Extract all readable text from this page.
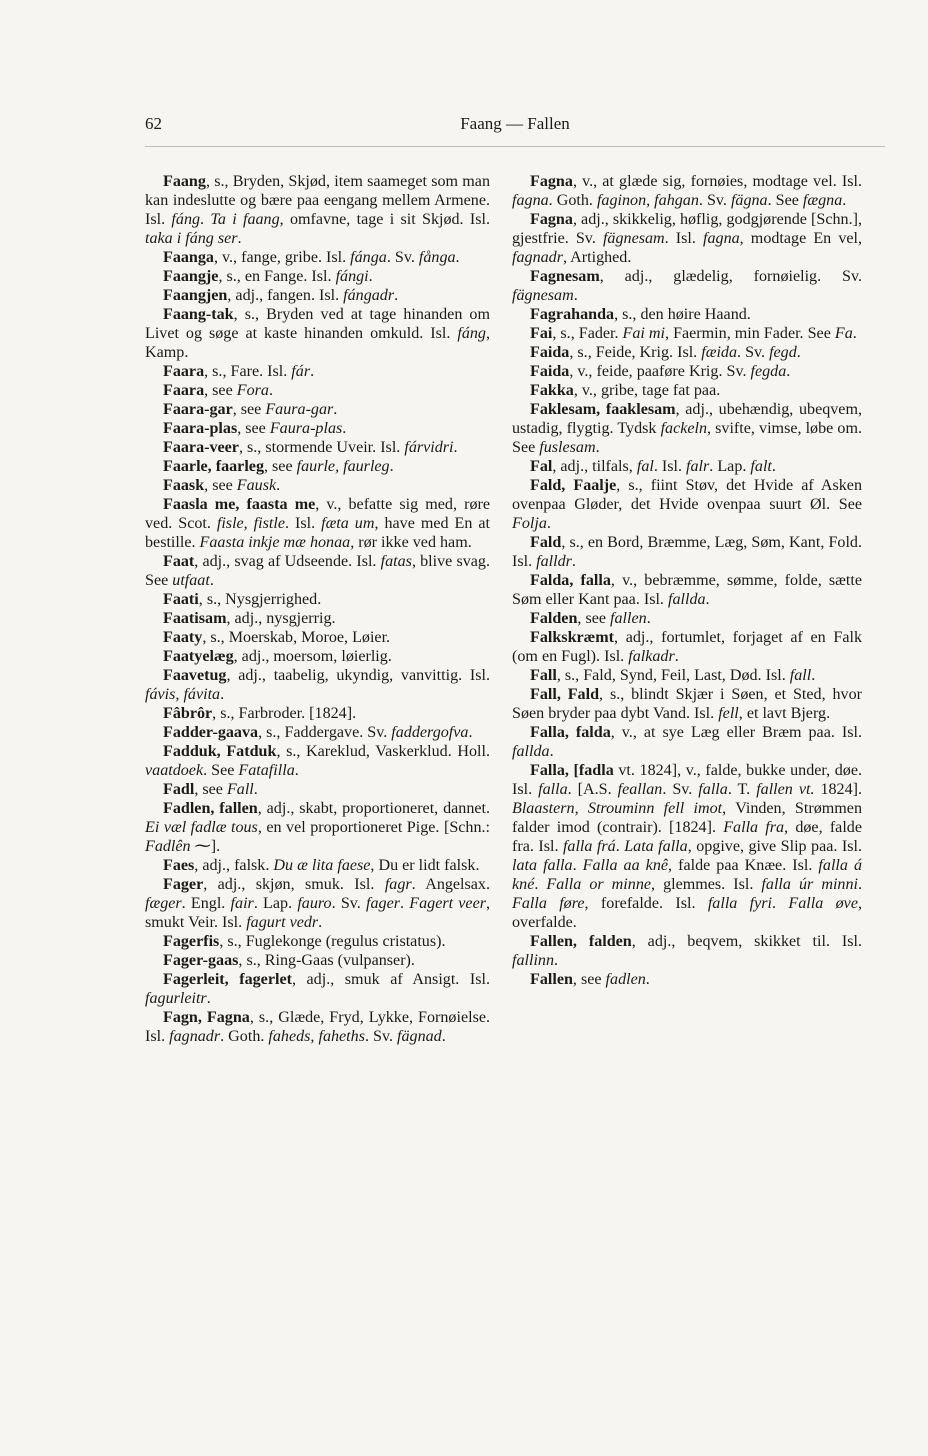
62	Faang — Fallen

Faang, s., Bryden, Skjød, item saameget som man kan indeslutte og bære paa eengang mellem Armene. Isl. fáng. Ta i faang, omfavne, tage i sit Skjød. Isl. taka i fáng ser.

Faanga, v., fange, gribe. Isl. fánga. Sv. fånga.

Faangje, s., en Fange. Isl. fángi.

Faangjen, adj., fangen. Isl. fángadr.

Faang-tak, s., Bryden ved at tage hinanden om Livet og søge at kaste hinanden omkuld. Isl. fáng, Kamp.

Faara, s., Fare. Isl. fár.

Faara, see Fora.

Faara-gar, see Faura-gar.

Faara-plas, see Faura-plas.

Faara-veer, s., stormende Uveir. Isl. fárvidri.

Faarle, faarleg, see faurle, faurleg.

Faask, see Fausk.

Faasla me, faasta me, v., befatte sig med, røre ved. Scot. fisle, fistle. Isl. fæta um, have med En at bestille. Faasta inkje mæ honaa, rør ikke ved ham.

Faat, adj., svag af Udseende. Isl. fatas, blive svag. See utfaat.

Faati, s., Nysgjerrighed.

Faatisam, adj., nysgjerrig.

Faaty, s., Moerskab, Moroe, Løier.

Faatyelæg, adj., moersom, løierlig.

Faavetug, adj., taabelig, ukyndig, vanvittig. Isl. fávis, fávita.

Fâbrôr, s., Farbroder. [1824].

Fadder-gaava, s., Faddergave. Sv. faddergofva.

Fadduk, Fatduk, s., Kareklud, Vaskerklud. Holl. vaatdoek. See Fatafilla.

Fadl, see Fall.

Fadlen, fallen, adj., skabt, proportioneret, dannet. Ei væl fadlæ tous, en vel proportioneret Pige. [Schn.: Fadlên ⁓].

Faes, adj., falsk. Du æ lita faese, Du er lidt falsk.

Fager, adj., skjøn, smuk. Isl. fagr. Angelsax. fæger. Engl. fair. Lap. fauro. Sv. fager. Fagert veer, smukt Veir. Isl. fagurt vedr.

Fagerfis, s., Fuglekonge (regulus cristatus).

Fager-gaas, s., Ring-Gaas (vulpanser).

Fagerleit, fagerlet, adj., smuk af Ansigt. Isl. fagurleitr.

Fagn, Fagna, s., Glæde, Fryd, Lykke, Fornøielse. Isl. fagnadr. Goth. faheds, faheths. Sv. fägnad.

Fagna, v., at glæde sig, fornøies, modtage vel. Isl. fagna. Goth. faginon, fahgan. Sv. fägna. See fægna.

Fagna, adj., skikkelig, høflig, godgjørende [Schn.], gjestfrie. Sv. fägnesam. Isl. fagna, modtage En vel, fagnadr, Artighed.

Fagnesam, adj., glædelig, fornøielig. Sv. fägnesam.

Fagrahanda, s., den høire Haand.

Fai, s., Fader. Fai mi, Faermin, min Fader. See Fa.

Faida, s., Feide, Krig. Isl. fæida. Sv. fegd.

Faida, v., feide, paaføre Krig. Sv. fegda.

Fakka, v., gribe, tage fat paa.

Faklesam, faaklesam, adj., ubehændig, ubeqvem, ustadig, flygtig. Tydsk fackeln, svifte, vimse, løbe om. See fuslesam.

Fal, adj., tilfals, fal. Isl. falr. Lap. falt.

Fald, Faalje, s., fiint Støv, det Hvide af Asken ovenpaa Gløder, det Hvide ovenpaa suurt Øl. See Folja.

Fald, s., en Bord, Bræmme, Læg, Søm, Kant, Fold. Isl. falldr.

Falda, falla, v., bebræmme, sømme, folde, sætte Søm eller Kant paa. Isl. fallda.

Falden, see fallen.

Falkskræmt, adj., fortumlet, forjaget af en Falk (om en Fugl). Isl. falkadr.

Fall, s., Fald, Synd, Feil, Last, Død. Isl. fall.

Fall, Fald, s., blindt Skjær i Søen, et Sted, hvor Søen bryder paa dybt Vand. Isl. fell, et lavt Bjerg.

Falla, falda, v., at sye Læg eller Bræm paa. Isl. fallda.

Falla, [fadla vt. 1824], v., falde, bukke under, døe. Isl. falla. [A.S. feallan. Sv. falla. T. fallen vt. 1824]. Blaastern, Strouminn fell imot, Vinden, Strømmen falder imod (contrair). [1824]. Falla fra, døe, falde fra. Isl. falla frá. Lata falla, opgive, give Slip paa. Isl. lata falla. Falla aa knê, falde paa Knæe. Isl. falla á kné. Falla or minne, glemmes. Isl. falla úr minni. Falla føre, forefalde. Isl. falla fyri. Falla øve, overfalde.

Fallen, falden, adj., beqvem, skikket til. Isl. fallinn.

Fallen, see fadlen.
